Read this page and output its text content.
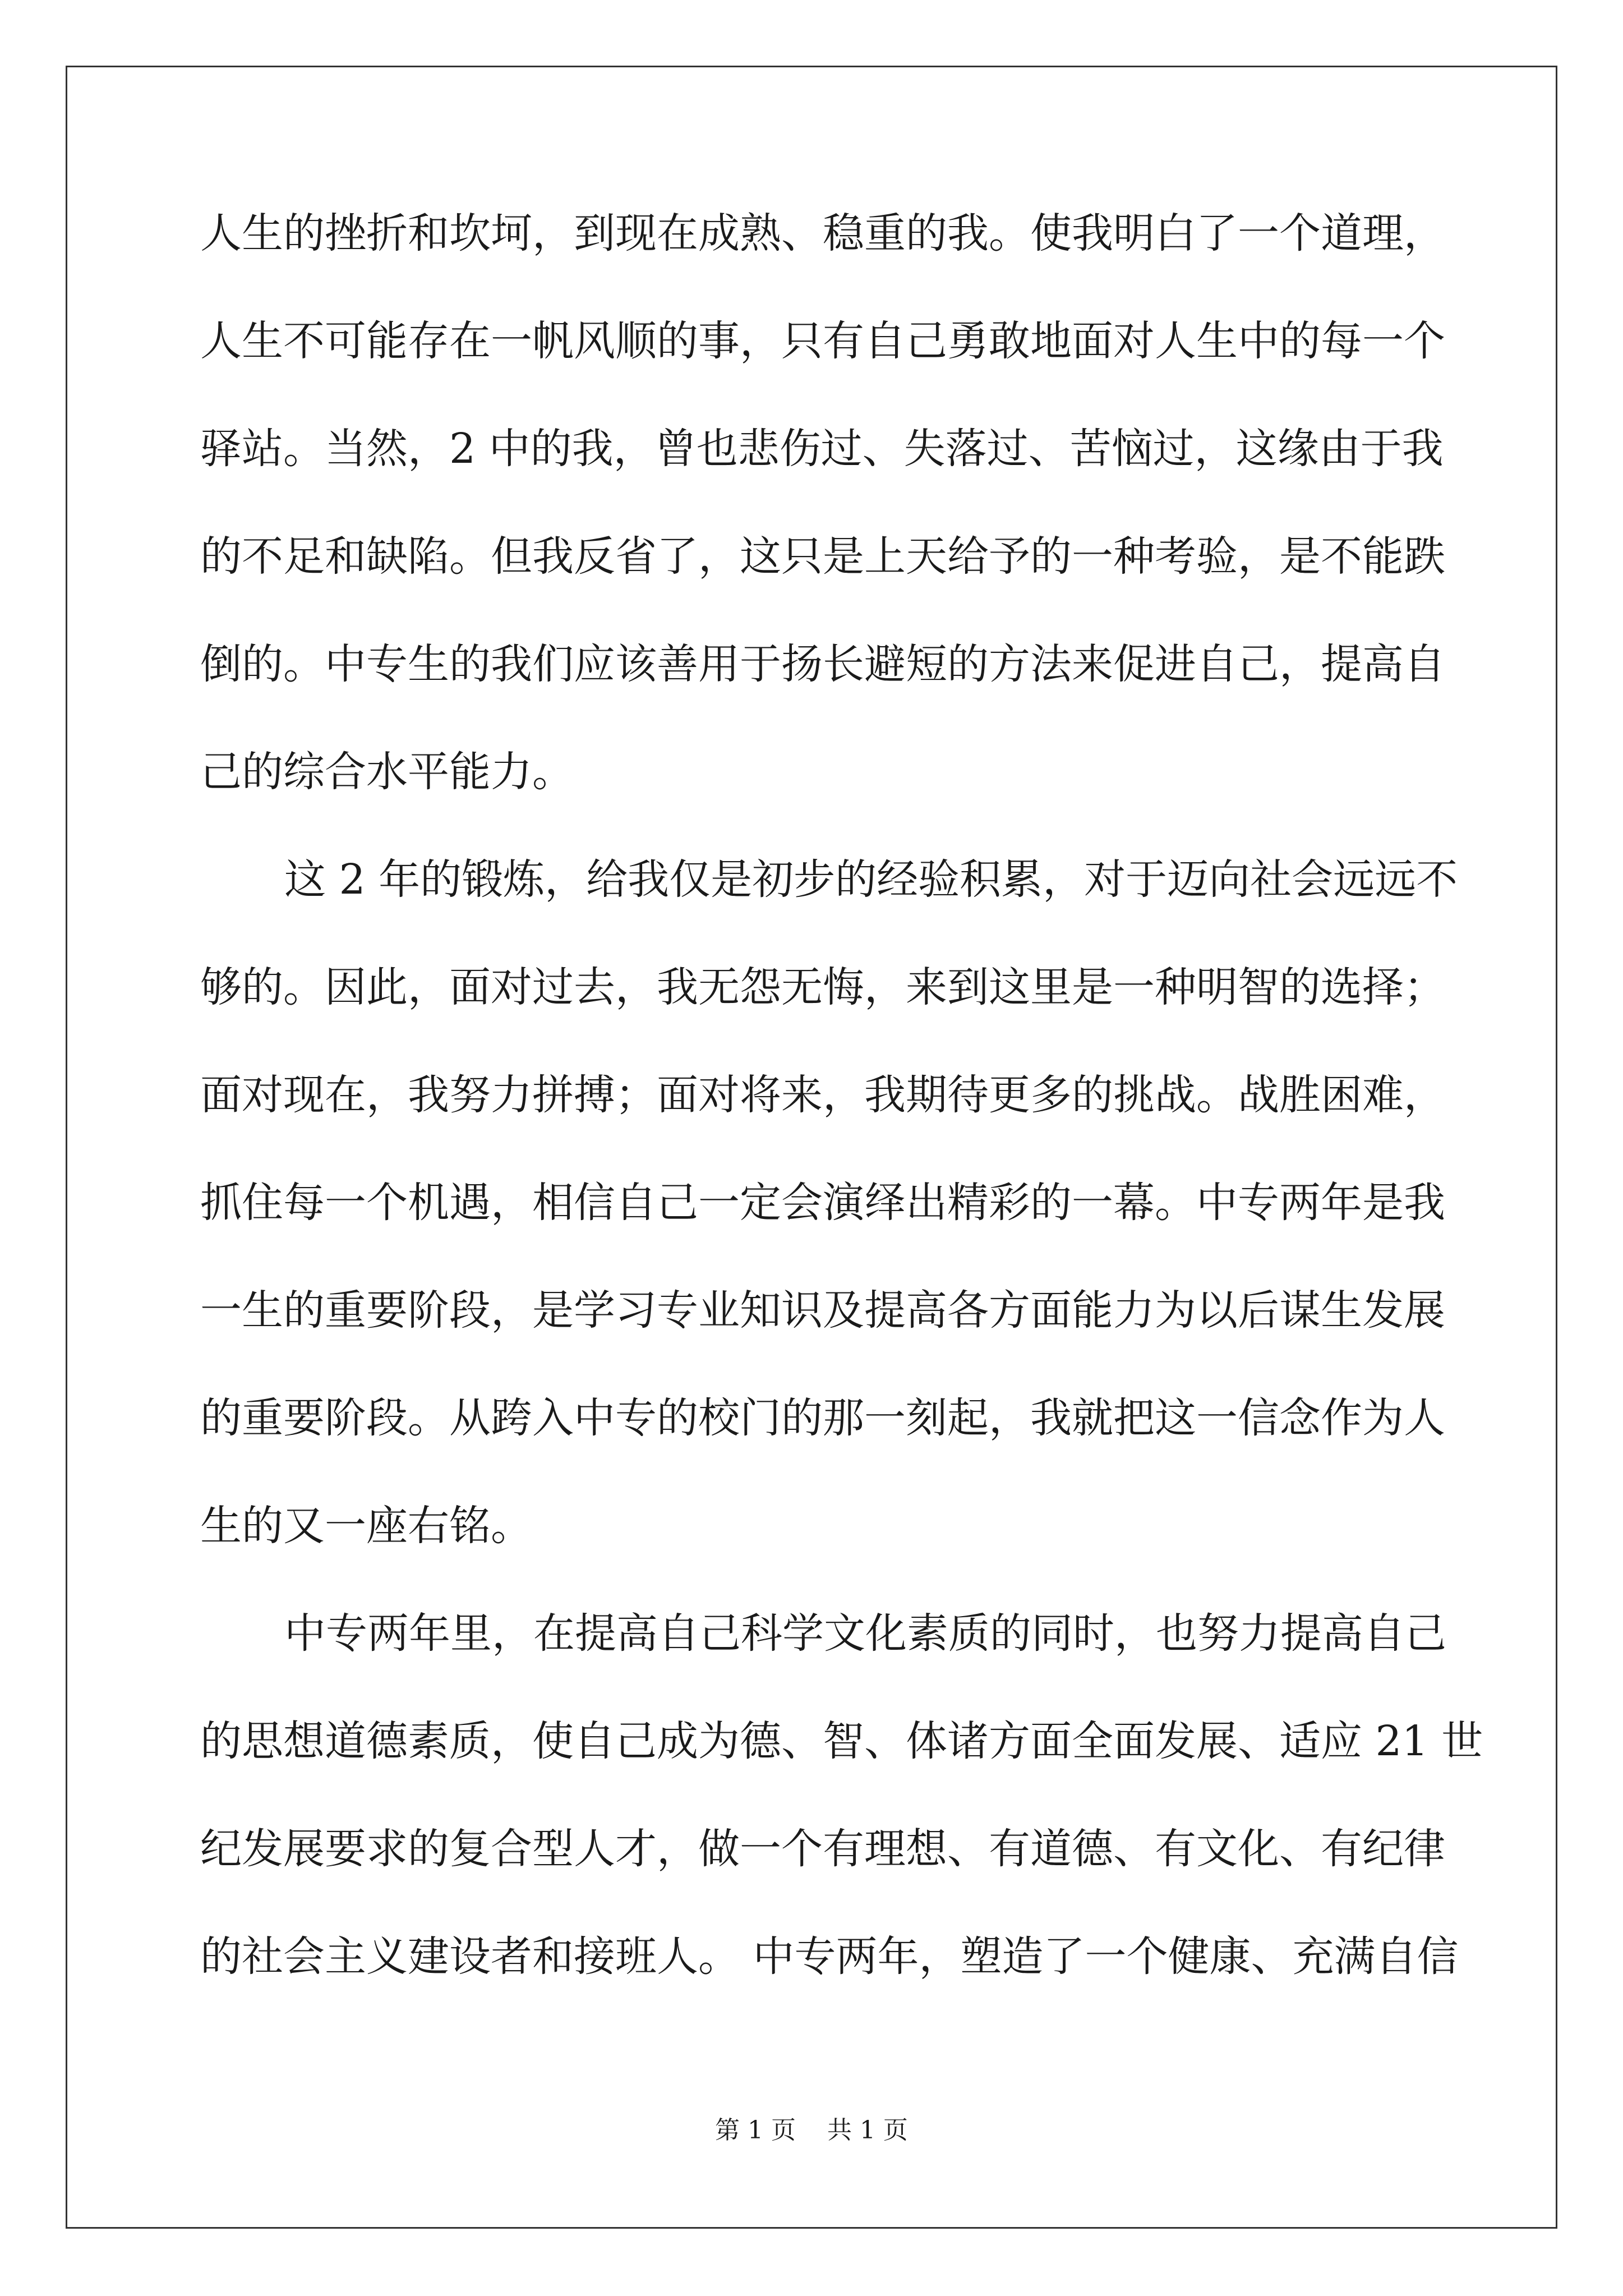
人生的挫折和坎坷，到现在成熟、稳重的我。使我明白了一个道理，
人生不可能存在一帆风顺的事，只有自己勇敢地面对人生中的每一个
驿站。当然，2 中的我，曾也悲伤过、失落过、苦恼过，这缘由于我
的不足和缺陷。但我反省了，这只是上天给予的一种考验，是不能跌
倒的。中专生的我们应该善用于扬长避短的方法来促进自己，提高自
己的综合水平能力。
这 2 年的锻炼，给我仅是初步的经验积累，对于迈向社会远远不
够的。因此，面对过去，我无怨无悔，来到这里是一种明智的选择；
面对现在，我努力拼搏；面对将来，我期待更多的挑战。战胜困难，
抓住每一个机遇，相信自己一定会演绎出精彩的一幕。中专两年是我
一生的重要阶段，是学习专业知识及提高各方面能力为以后谋生发展
的重要阶段。从跨入中专的校门的那一刻起，我就把这一信念作为人
生的又一座右铭。
中专两年里，在提高自己科学文化素质的同时，也努力提高自己
的思想道德素质，使自己成为德、智、体诸方面全面发展、适应 21 世
纪发展要求的复合型人才，做一个有理想、有道德、有文化、有纪律
的社会主义建设者和接班人。 中专两年，塑造了一个健康、充满自信
第 1 页 共 1 页
